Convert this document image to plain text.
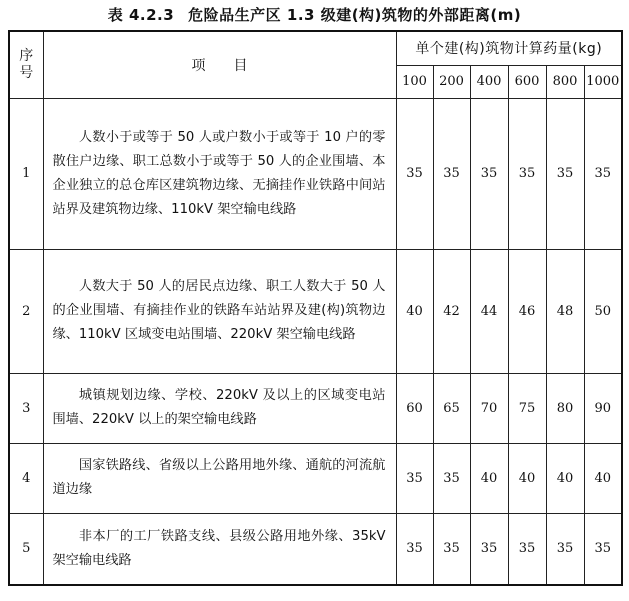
表 4.2.3 危险品生产区 1.3 级建(构)筑物的外部距离(m)
序
号	项目	单个建(构)筑物计算药量(kg)					
		100	200	400	600	800	1000
1	人数小于或等于 50 人或户数小于或等于 10 户的零散住户边缘、职工总数小于或等于 50 人的企业围墙、本企业独立的总仓库区建筑物边缘、无摘挂作业铁路中间站站界及建筑物边缘、110kV 架空输电线路	35	35	35	35	35	35
2	人数大于 50 人的居民点边缘、职工人数大于 50 人的企业围墙、有摘挂作业的铁路车站站界及建(构)筑物边缘、110kV 区域变电站围墙、220kV 架空输电线路	40	42	44	46	48	50
3	城镇规划边缘、学校、220kV 及以上的区域变电站围墙、220kV 以上的架空输电线路	60	65	70	75	80	90
4	国家铁路线、省级以上公路用地外缘、通航的河流航道边缘	35	35	40	40	40	40
5	非本厂的工厂铁路支线、县级公路用地外缘、35kV 架空输电线路	35	35	35	35	35	35
